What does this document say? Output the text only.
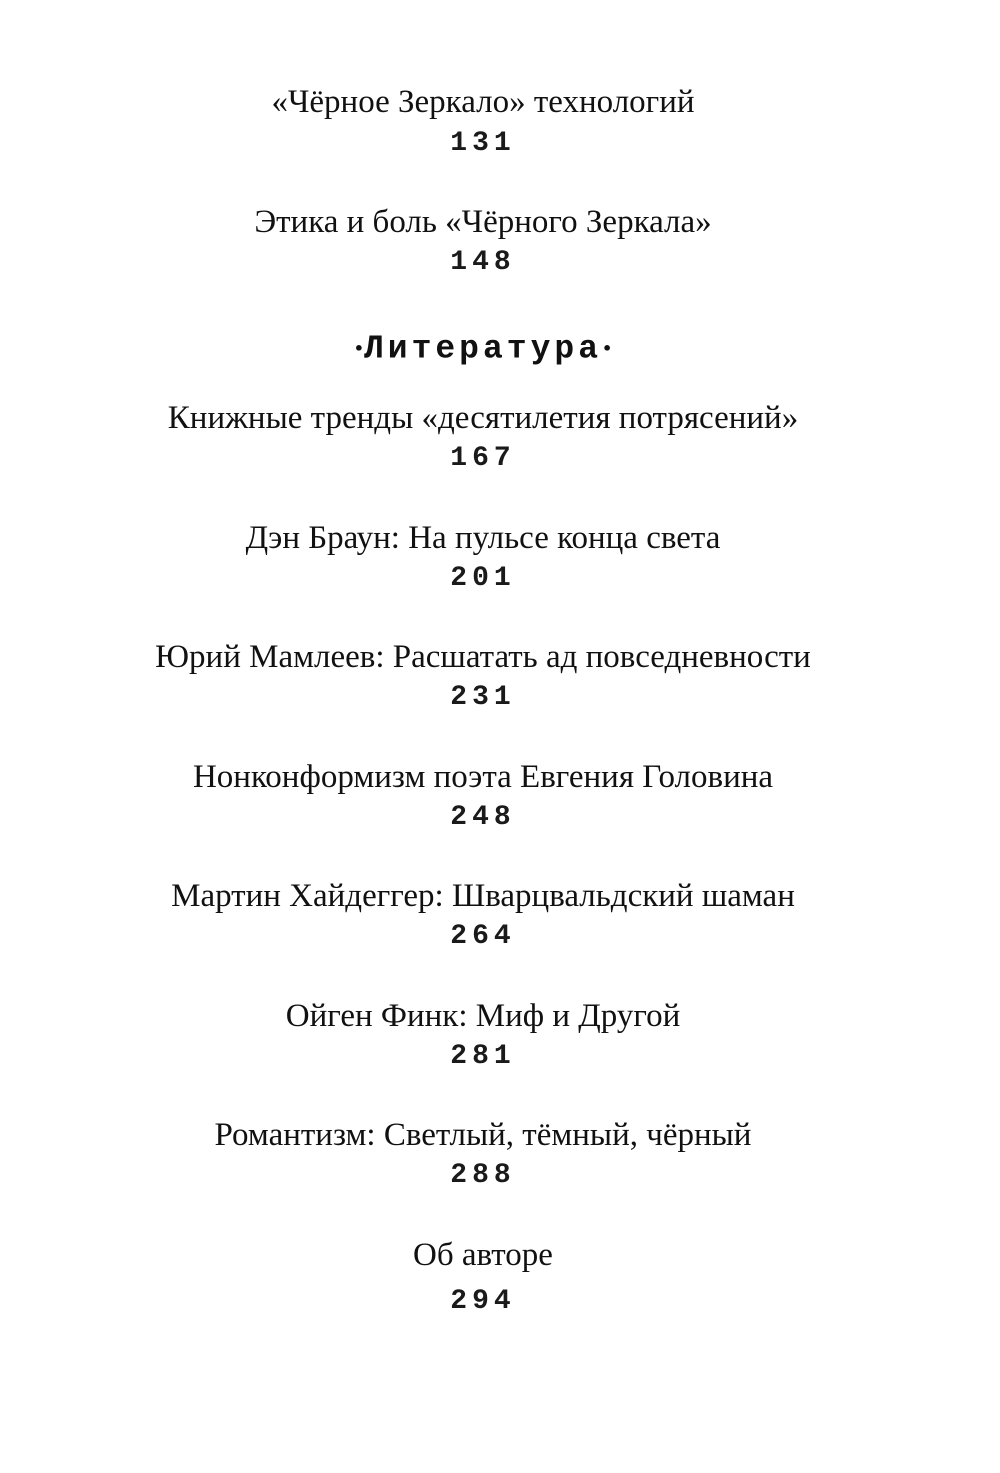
«Чёрное Зеркало» технологий
131
Этика и боль «Чёрного Зеркала»
148
•Литература•
Книжные тренды «десятилетия потрясений»
167
Дэн Браун: На пульсе конца света
201
Юрий Мамлеев: Расшатать ад повседневности
231
Нонконформизм поэта Евгения Головина
248
Мартин Хайдеггер: Шварцвальдский шаман
264
Ойген Финк: Миф и Другой
281
Романтизм: Светлый, тёмный, чёрный
288
Об авторе
294
